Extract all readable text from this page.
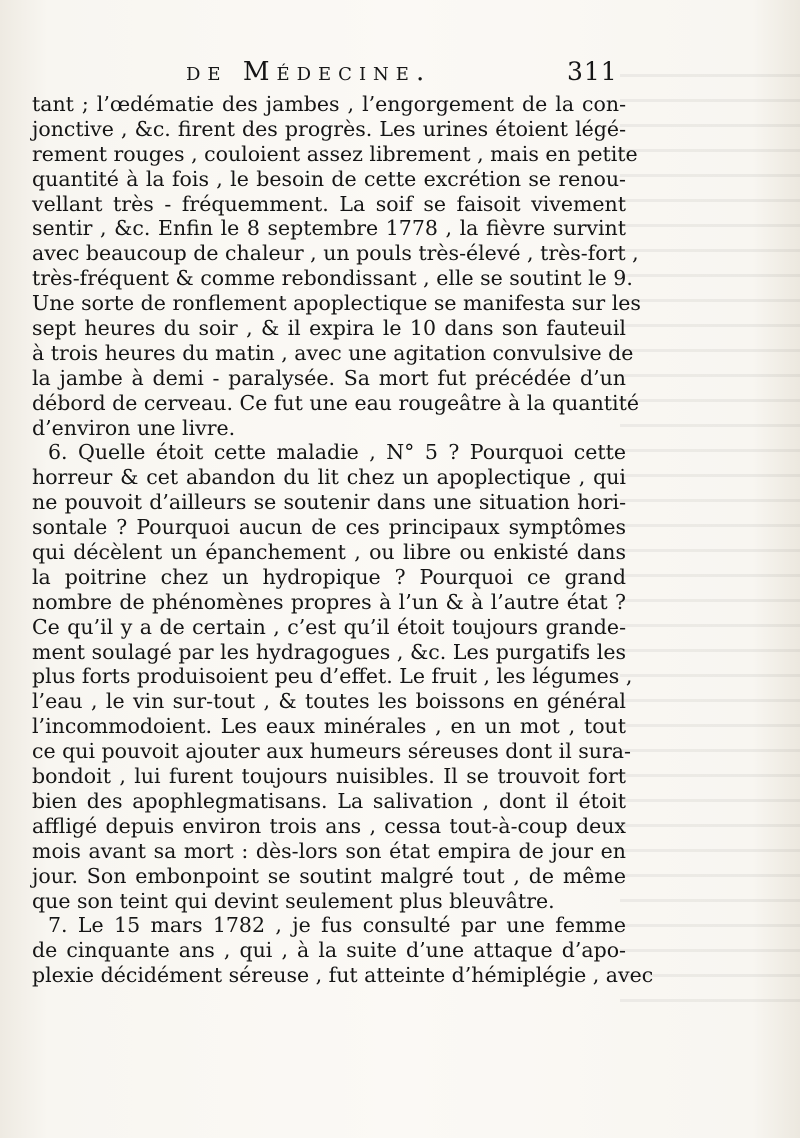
de Médecine.	311
tant ; l’œdématie des jambes , l’engorgement de la con-
jonctive , &c. firent des progrès. Les urines étoient légé-
rement rouges , couloient assez librement , mais en petite
quantité à la fois , le besoin de cette excrétion se renou-
vellant très - fréquemment. La soif se faisoit vivement
sentir , &c. Enfin le 8 septembre 1778 , la fièvre survint
avec beaucoup de chaleur , un pouls très-élevé , très-fort ,
très-fréquent & comme rebondissant , elle se soutint le 9.
Une sorte de ronflement apoplectique se manifesta sur les
sept heures du soir , & il expira le 10 dans son fauteuil
à trois heures du matin , avec une agitation convulsive de
la jambe à demi - paralysée. Sa mort fut précédée d’un
débord de cerveau. Ce fut une eau rougeâtre à la quantité
d’environ une livre.
6. Quelle étoit cette maladie , N° 5 ? Pourquoi cette
horreur & cet abandon du lit chez un apoplectique , qui
ne pouvoit d’ailleurs se soutenir dans une situation hori-
sontale ? Pourquoi aucun de ces principaux symptômes
qui décèlent un épanchement , ou libre ou enkisté dans
la poitrine chez un hydropique ? Pourquoi ce grand
nombre de phénomènes propres à l’un & à l’autre état ?
Ce qu’il y a de certain , c’est qu’il étoit toujours grande-
ment soulagé par les hydragogues , &c. Les purgatifs les
plus forts produisoient peu d’effet. Le fruit , les légumes ,
l’eau , le vin sur-tout , & toutes les boissons en général
l’incommodoient. Les eaux minérales , en un mot , tout
ce qui pouvoit ajouter aux humeurs séreuses dont il sura-
bondoit , lui furent toujours nuisibles. Il se trouvoit fort
bien des apophlegmatisans. La salivation , dont il étoit
affligé depuis environ trois ans , cessa tout-à-coup deux
mois avant sa mort : dès-lors son état empira de jour en
jour. Son embonpoint se soutint malgré tout , de même
que son teint qui devint seulement plus bleuvâtre.
7. Le 15 mars 1782 , je fus consulté par une femme
de cinquante ans , qui , à la suite d’une attaque d’apo-
plexie décidément séreuse , fut atteinte d’hémiplégie , avec
